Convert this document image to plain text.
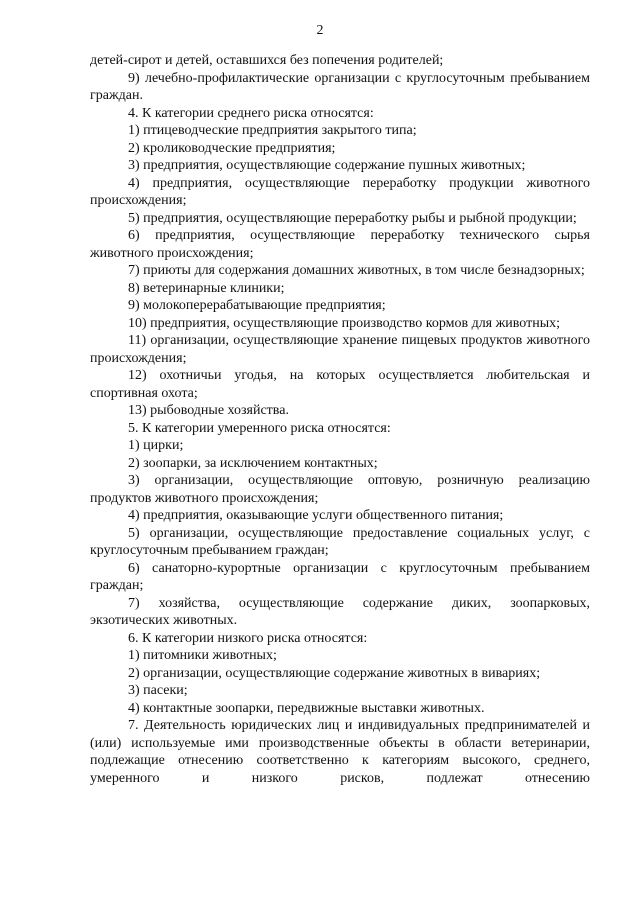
2

детей-сирот и детей, оставшихся без попечения родителей;

9) лечебно-профилактические организации с круглосуточным пребыванием граждан.

4. К категории среднего риска относятся:

1) птицеводческие предприятия закрытого типа;

2) кролиководческие предприятия;

3) предприятия, осуществляющие содержание пушных животных;

4) предприятия, осуществляющие переработку продукции животного происхождения;

5) предприятия, осуществляющие переработку рыбы и рыбной продукции;

6) предприятия, осуществляющие переработку технического сырья животного происхождения;

7) приюты для содержания домашних животных, в том числе безнадзорных;

8) ветеринарные клиники;

9) молокоперерабатывающие предприятия;

10) предприятия, осуществляющие производство кормов для животных;

11) организации, осуществляющие хранение пищевых продуктов животного происхождения;

12) охотничьи угодья, на которых осуществляется любительская и спортивная охота;

13) рыбоводные хозяйства.

5. К категории умеренного риска относятся:

1) цирки;

2) зоопарки, за исключением контактных;

3) организации, осуществляющие оптовую, розничную реализацию продуктов животного происхождения;

4) предприятия, оказывающие услуги общественного питания;

5) организации, осуществляющие предоставление социальных услуг, с круглосуточным пребыванием граждан;

6) санаторно-курортные организации с круглосуточным пребыванием граждан;

7) хозяйства, осуществляющие содержание диких, зоопарковых, экзотических животных.

6. К категории низкого риска относятся:

1) питомники животных;

2) организации, осуществляющие содержание животных в вивариях;

3) пасеки;

4) контактные зоопарки, передвижные выставки животных.

7. Деятельность юридических лиц и индивидуальных предпринимателей и (или) используемые ими производственные объекты в области ветеринарии, подлежащие отнесению соответственно к категориям высокого, среднего, умеренного и низкого рисков, подлежат отнесению
